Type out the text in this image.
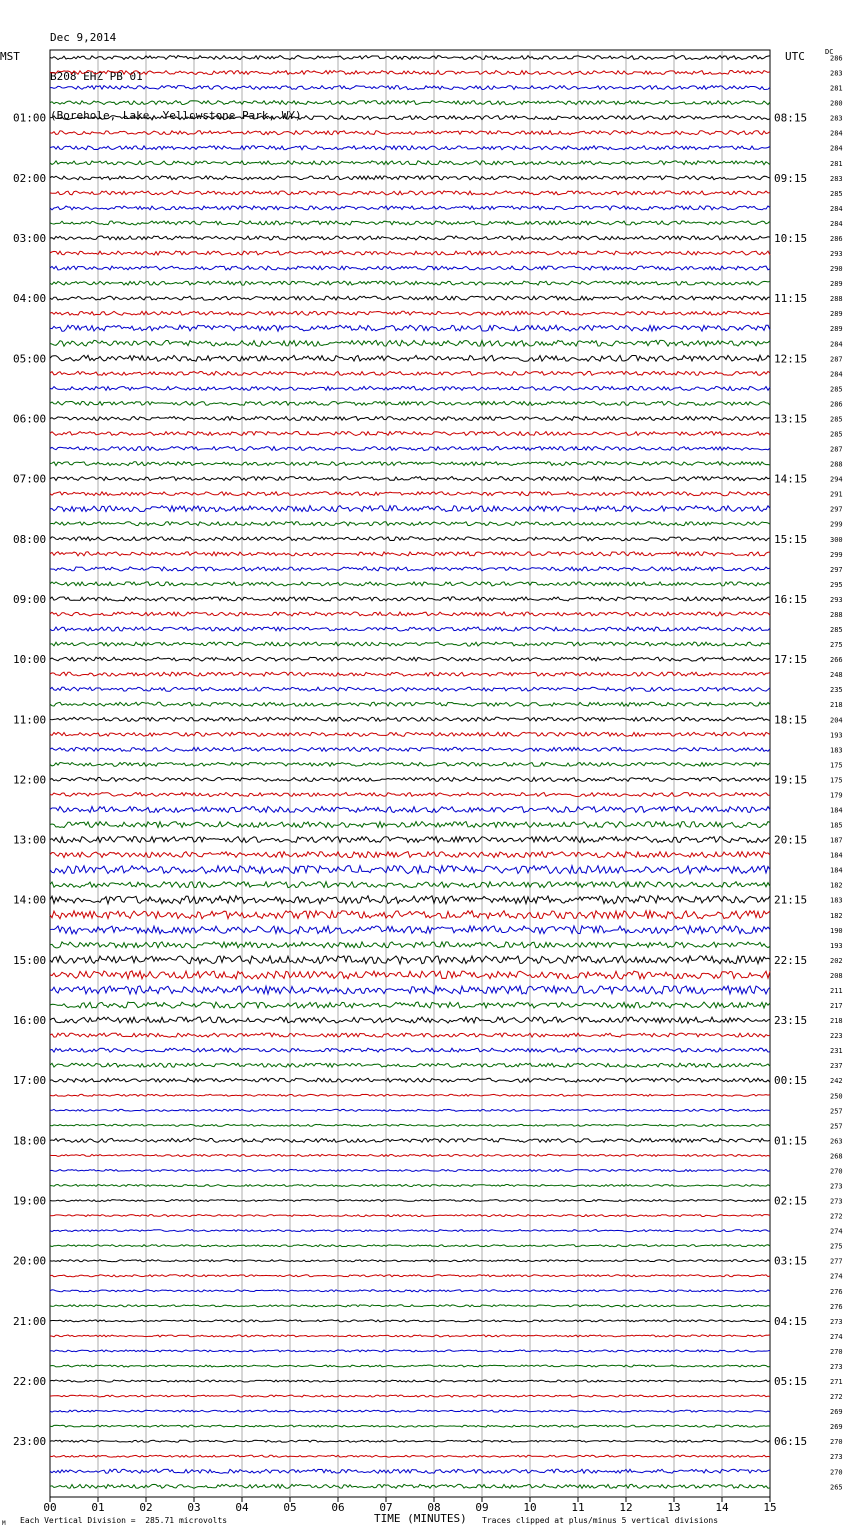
Dec 9,2014

B208 EHZ PB 01

(Borehole, Lake, Yellowstone Park, WY)

MST	UTC	DC
00	01	02	03	04	05	06	07	08	09	10	11	12	13	14	15
286
283
281
280
283
01:00	08:15
284
284
281
283
02:00	09:15
285
284
284
286
03:00	10:15
293
290
289
288
04:00	11:15
289
289
284
287
05:00	12:15
284
285
286
285
06:00	13:15
285
287
288
294
07:00	14:15
291
297
299
300
08:00	15:15
299
297
295
293
09:00	16:15
288
285
275
266
10:00	17:15
248
235
218
204
11:00	18:15
193
183
175
175
12:00	19:15
179
184
185
187
13:00	20:15
184
184
182
183
14:00	21:15
182
190
193
202
15:00	22:15
208
211
217
218
16:00	23:15
223
231
237
242
17:00	00:15
250
257
257
263
18:00	01:15
268
270
273
273
19:00	02:15
272
274
275
277
20:00	03:15
274
276
276
273
21:00	04:15
274
270
273
271
22:00	05:15
272
269
269
270
23:00	06:15
273
270
265
M Each Vertical Division =  285.71 microvolts	TIME (MINUTES) Traces clipped at plus/minus 5 vertical divisions
